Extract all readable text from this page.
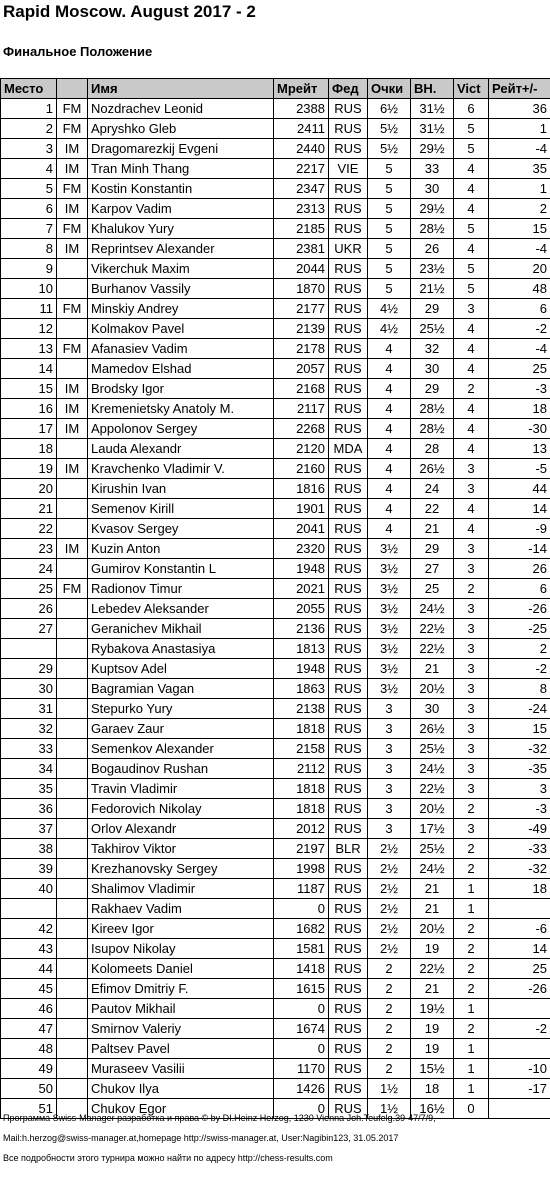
Rapid Moscow. August 2017 - 2
Финальное Положение
Место		Имя	Мрейт	Фед	Очки	ВН.	Vict	Рейт+/-
1	FM	Nozdrachev Leonid	2388	RUS	6½	31½	6	36
2	FM	Apryshko Gleb	2411	RUS	5½	31½	5	1
3	IM	Dragomarezkij Evgeni	2440	RUS	5½	29½	5	-4
4	IM	Tran Minh Thang	2217	VIE	5	33	4	35
5	FM	Kostin Konstantin	2347	RUS	5	30	4	1
6	IM	Karpov Vadim	2313	RUS	5	29½	4	2
7	FM	Khalukov Yury	2185	RUS	5	28½	5	15
8	IM	Reprintsev Alexander	2381	UKR	5	26	4	-4
9		Vikerchuk Maxim	2044	RUS	5	23½	5	20
10		Burhanov Vassily	1870	RUS	5	21½	5	48
11	FM	Minskiy Andrey	2177	RUS	4½	29	3	6
12		Kolmakov Pavel	2139	RUS	4½	25½	4	-2
13	FM	Afanasiev Vadim	2178	RUS	4	32	4	-4
14		Mamedov Elshad	2057	RUS	4	30	4	25
15	IM	Brodsky Igor	2168	RUS	4	29	2	-3
16	IM	Kremenietsky Anatoly M.	2117	RUS	4	28½	4	18
17	IM	Appolonov Sergey	2268	RUS	4	28½	4	-30
18		Lauda Alexandr	2120	MDA	4	28	4	13
19	IM	Kravchenko Vladimir V.	2160	RUS	4	26½	3	-5
20		Kirushin Ivan	1816	RUS	4	24	3	44
21		Semenov Kirill	1901	RUS	4	22	4	14
22		Kvasov Sergey	2041	RUS	4	21	4	-9
23	IM	Kuzin Anton	2320	RUS	3½	29	3	-14
24		Gumirov Konstantin L	1948	RUS	3½	27	3	26
25	FM	Radionov Timur	2021	RUS	3½	25	2	6
26		Lebedev Aleksander	2055	RUS	3½	24½	3	-26
27		Geranichev Mikhail	2136	RUS	3½	22½	3	-25
		Rybakova Anastasiya	1813	RUS	3½	22½	3	2
29		Kuptsov Adel	1948	RUS	3½	21	3	-2
30		Bagramian Vagan	1863	RUS	3½	20½	3	8
31		Stepurko Yury	2138	RUS	3	30	3	-24
32		Garaev Zaur	1818	RUS	3	26½	3	15
33		Semenkov Alexander	2158	RUS	3	25½	3	-32
34		Bogaudinov Rushan	2112	RUS	3	24½	3	-35
35		Travin Vladimir	1818	RUS	3	22½	3	3
36		Fedorovich Nikolay	1818	RUS	3	20½	2	-3
37		Orlov Alexandr	2012	RUS	3	17½	3	-49
38		Takhirov Viktor	2197	BLR	2½	25½	2	-33
39		Krezhanovsky Sergey	1998	RUS	2½	24½	2	-32
40		Shalimov Vladimir	1187	RUS	2½	21	1	18
		Rakhaev Vadim	0	RUS	2½	21	1	
42		Kireev Igor	1682	RUS	2½	20½	2	-6
43		Isupov Nikolay	1581	RUS	2½	19	2	14
44		Kolomeets Daniel	1418	RUS	2	22½	2	25
45		Efimov Dmitriy F.	1615	RUS	2	21	2	-26
46		Pautov Mikhail	0	RUS	2	19½	1	
47		Smirnov Valeriy	1674	RUS	2	19	2	-2
48		Paltsev Pavel	0	RUS	2	19	1	
49		Muraseev Vasilii	1170	RUS	2	15½	1	-10
50		Chukov Ilya	1426	RUS	1½	18	1	-17
51		Chukov Egor	0	RUS	1½	16½	0	
Программа Swiss-Manager разработка и права © by DI.Heinz Herzog, 1230 Vienna Joh.Teufelg.39-47/7/9,
Mail:h.herzog@swiss-manager.at,homepage http://swiss-manager.at, User:Nagibin123, 31.05.2017
Все подробности этого турнира можно найти по адресу http://chess-results.com
